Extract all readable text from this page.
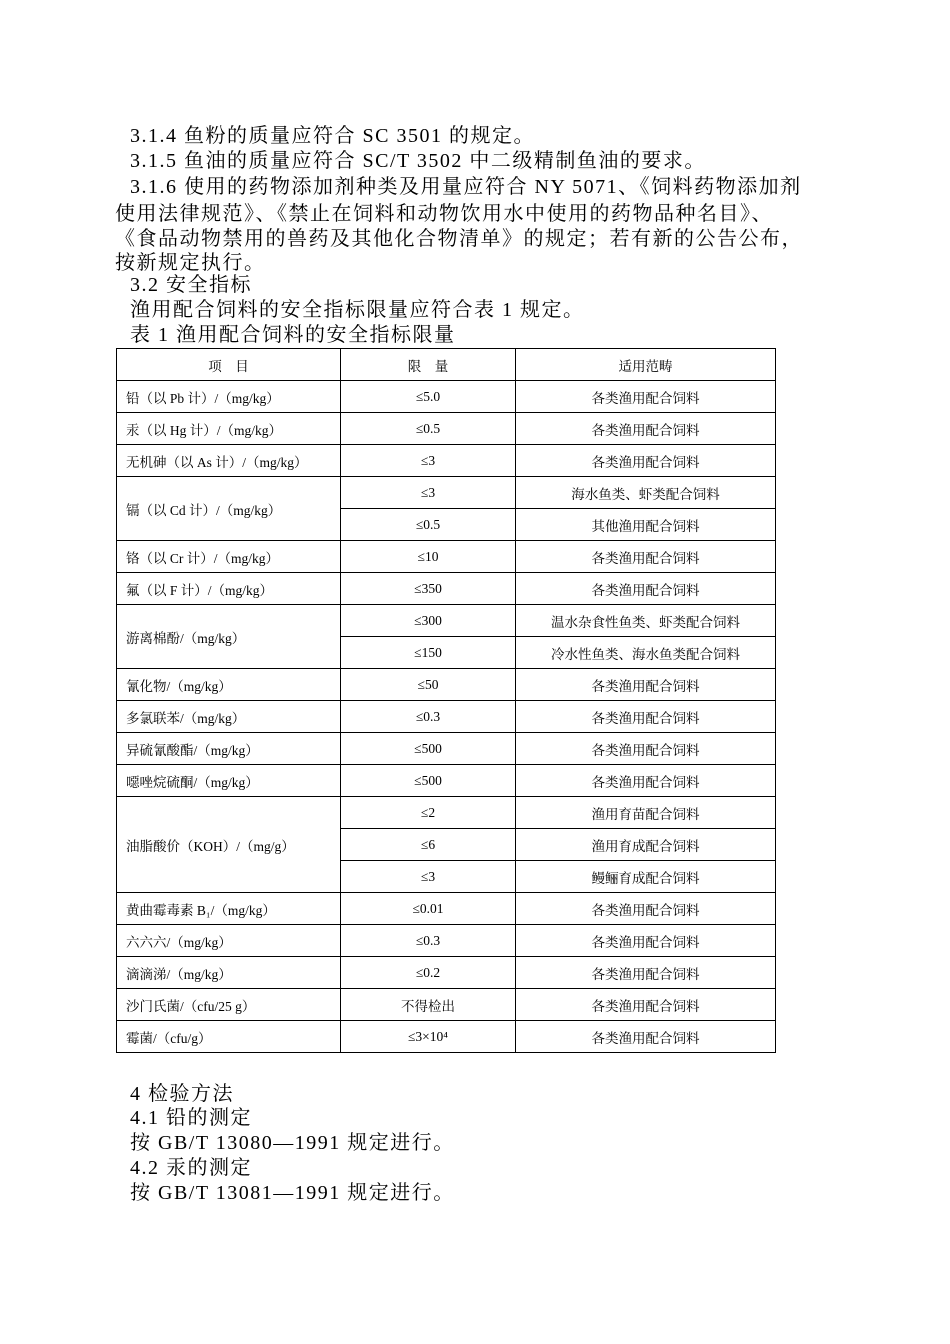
3.1.4 鱼粉的质量应符合 SC 3501 的规定。
3.1.5 鱼油的质量应符合 SC/T 3502 中二级精制鱼油的要求。
3.1.6 使用的药物添加剂种类及用量应符合 NY 5071、《饲料药物添加剂
使用法律规范》、《禁止在饲料和动物饮用水中使用的药物品种名目》、
《食品动物禁用的兽药及其他化合物清单》的规定；若有新的公告公布，
按新规定执行。
3.2 安全指标
渔用配合饲料的安全指标限量应符合表 1 规定。
表 1 渔用配合饲料的安全指标限量
项　目	限　量	适用范畴
铅（以 Pb 计）/（mg/kg）	≤5.0	各类渔用配合饲料
汞（以 Hg 计）/（mg/kg）	≤0.5	各类渔用配合饲料
无机砷（以 As 计）/（mg/kg）	≤3	各类渔用配合饲料
镉（以 Cd 计）/（mg/kg）	≤3	海水鱼类、虾类配合饲料
	≤0.5	其他渔用配合饲料
铬（以 Cr 计）/（mg/kg）	≤10	各类渔用配合饲料
氟（以 F 计）/（mg/kg）	≤350	各类渔用配合饲料
游离棉酚/（mg/kg）	≤300	温水杂食性鱼类、虾类配合饲料
	≤150	冷水性鱼类、海水鱼类配合饲料
氰化物/（mg/kg）	≤50	各类渔用配合饲料
多氯联苯/（mg/kg）	≤0.3	各类渔用配合饲料
异硫氰酸酯/（mg/kg）	≤500	各类渔用配合饲料
噁唑烷硫酮/（mg/kg）	≤500	各类渔用配合饲料
油脂酸价（KOH）/（mg/g）	≤2	渔用育苗配合饲料
	≤6	渔用育成配合饲料
	≤3	鳗鲡育成配合饲料
黄曲霉毒素 B₁/（mg/kg）	≤0.01	各类渔用配合饲料
六六六/（mg/kg）	≤0.3	各类渔用配合饲料
滴滴涕/（mg/kg）	≤0.2	各类渔用配合饲料
沙门氏菌/（cfu/25 g）	不得检出	各类渔用配合饲料
霉菌/（cfu/g）	≤3×10⁴	各类渔用配合饲料
4 检验方法
4.1 铅的测定
按 GB/T 13080—1991 规定进行。
4.2 汞的测定
按 GB/T 13081—1991 规定进行。
